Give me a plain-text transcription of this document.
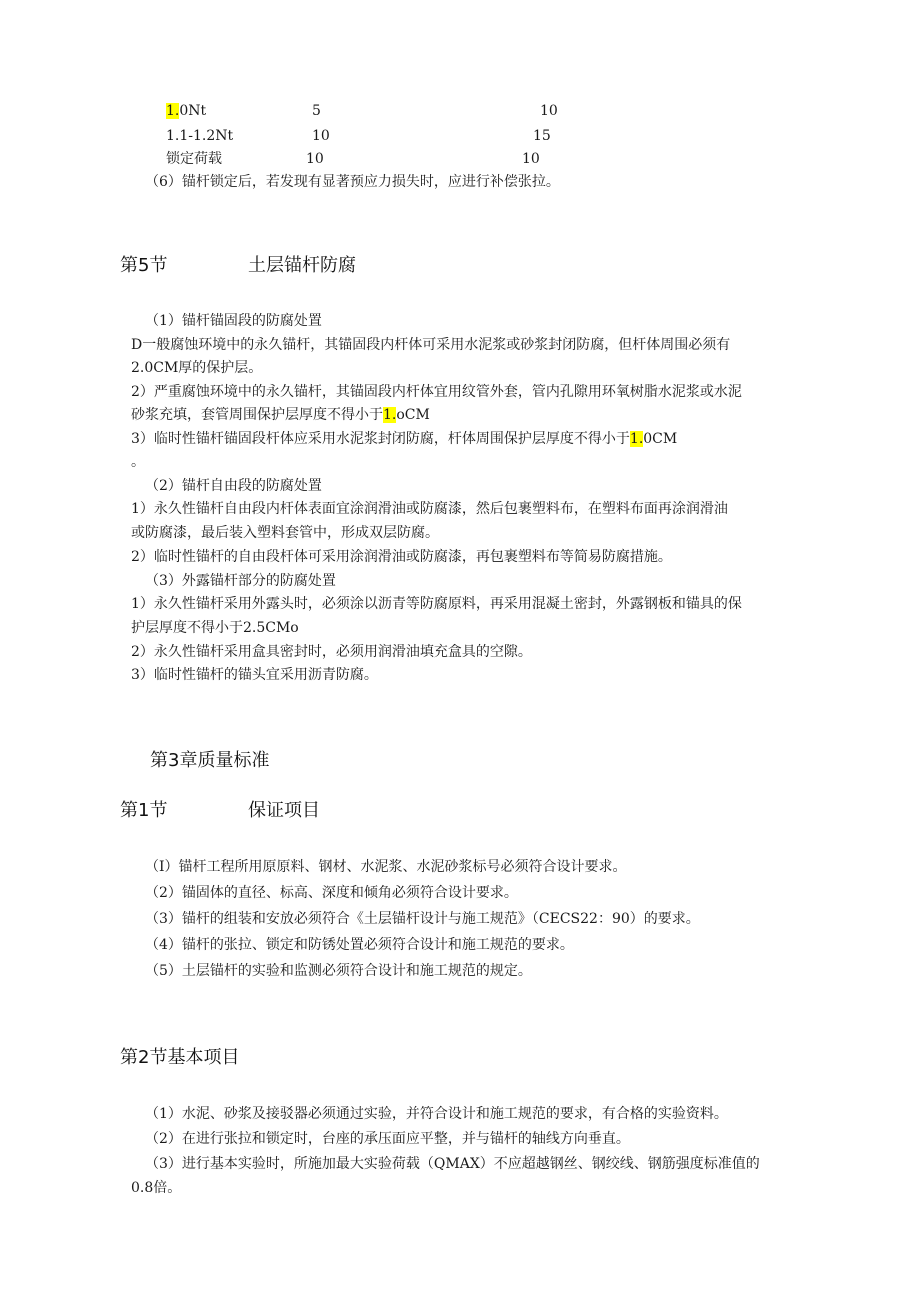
1.0Nt	5	10
1.1-1.2Nt	10	15
锁定荷载	10	10
（6）锚杆锁定后，若发现有显著预应力损失时，应进行补偿张拉。
第5节	土层锚杆防腐
（1）锚杆锚固段的防腐处置
D一般腐蚀环境中的永久锚杆，其锚固段内杆体可采用水泥浆或砂浆封闭防腐，但杆体周围必须有
2.0CM厚的保护层。
2）严重腐蚀环境中的永久锚杆，其锚固段内杆体宜用纹管外套，管内孔隙用环氧树脂水泥浆或水泥
砂浆充填，套管周围保护层厚度不得小于1.oCM
3）临时性锚杆锚固段杆体应采用水泥浆封闭防腐，杆体周围保护层厚度不得小于1.0CM
。
（2）锚杆自由段的防腐处置
1）永久性锚杆自由段内杆体表面宜涂润滑油或防腐漆，然后包裹塑料布，在塑料布面再涂润滑油
或防腐漆，最后装入塑料套管中，形成双层防腐。
2）临时性锚杆的自由段杆体可采用涂润滑油或防腐漆，再包裹塑料布等简易防腐措施。
（3）外露锚杆部分的防腐处置
1）永久性锚杆采用外露头时，必须涂以沥青等防腐原料，再采用混凝土密封，外露钢板和锚具的保
护层厚度不得小于2.5CMo
2）永久性锚杆采用盒具密封时，必须用润滑油填充盒具的空隙。
3）临时性锚杆的锚头宜采用沥青防腐。
第3章质量标准
第1节	保证项目
（I）锚杆工程所用原原料、钢材、水泥浆、水泥砂浆标号必须符合设计要求。
（2）锚固体的直径、标高、深度和倾角必须符合设计要求。
（3）锚杆的组装和安放必须符合《土层锚杆设计与施工规范》（CECS22：90）的要求。
（4）锚杆的张拉、锁定和防锈处置必须符合设计和施工规范的要求。
（5）土层锚杆的实验和监测必须符合设计和施工规范的规定。
第2节基本项目
（1）水泥、砂浆及接驳器必须通过实验，并符合设计和施工规范的要求，有合格的实验资料。
（2）在进行张拉和锁定时，台座的承压面应平整，并与锚杆的轴线方向垂直。
（3）进行基本实验时，所施加最大实验荷载（QMAX）不应超越钢丝、钢绞线、钢筋强度标准值的
0.8倍。
